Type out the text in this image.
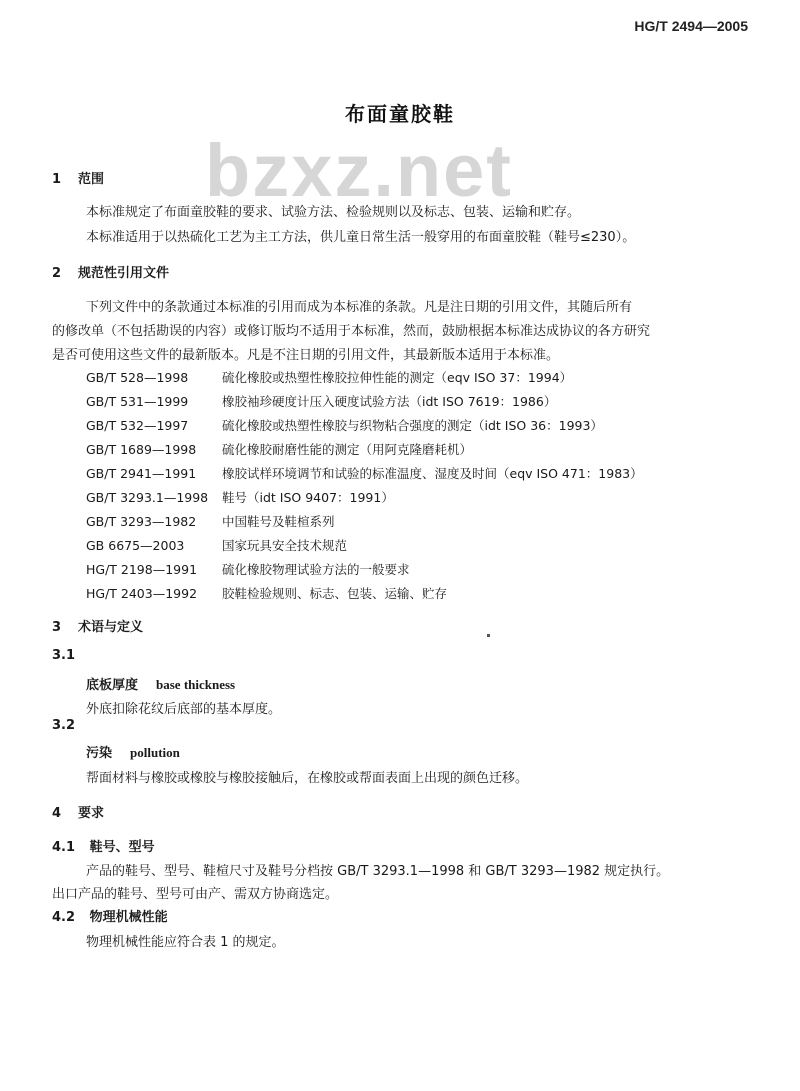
HG/T 2494—2005
布面童胶鞋
bzxz.net
1 范围
本标准规定了布面童胶鞋的要求、试验方法、检验规则以及标志、包装、运输和贮存。
本标准适用于以热硫化工艺为主工方法，供儿童日常生活一般穿用的布面童胶鞋（鞋号≤230）。
2 规范性引用文件
下列文件中的条款通过本标准的引用而成为本标准的条款。凡是注日期的引用文件，其随后所有
的修改单（不包括勘误的内容）或修订版均不适用于本标准，然而，鼓励根据本标准达成协议的各方研究
是否可使用这些文件的最新版本。凡是不注日期的引用文件，其最新版本适用于本标准。
GB/T 528—1998	硫化橡胶或热塑性橡胶拉伸性能的测定（eqv ISO 37：1994）
GB/T 531—1999	橡胶袖珍硬度计压入硬度试验方法（idt ISO 7619：1986）
GB/T 532—1997	硫化橡胶或热塑性橡胶与织物粘合强度的测定（idt ISO 36：1993）
GB/T 1689—1998 硫化橡胶耐磨性能的测定（用阿克隆磨耗机）
GB/T 2941—1991 橡胶试样环境调节和试验的标准温度、湿度及时间（eqv ISO 471：1983）
GB/T 3293.1—1998 鞋号（idt ISO 9407：1991）
GB/T 3293—1982 中国鞋号及鞋楦系列
GB 6675—2003	国家玩具安全技术规范
HG/T 2198—1991 硫化橡胶物理试验方法的一般要求
HG/T 2403—1992 胶鞋检验规则、标志、包装、运输、贮存
3 术语与定义
3.1
底板厚度 base thickness
外底扣除花纹后底部的基本厚度。
3.2
污染 pollution
帮面材料与橡胶或橡胶与橡胶接触后，在橡胶或帮面表面上出现的颜色迁移。
4 要求
4.1 鞋号、型号
产品的鞋号、型号、鞋楦尺寸及鞋号分档按 GB/T 3293.1—1998 和 GB/T 3293—1982 规定执行。
出口产品的鞋号、型号可由产、需双方协商选定。
4.2 物理机械性能
物理机械性能应符合表 1 的规定。
